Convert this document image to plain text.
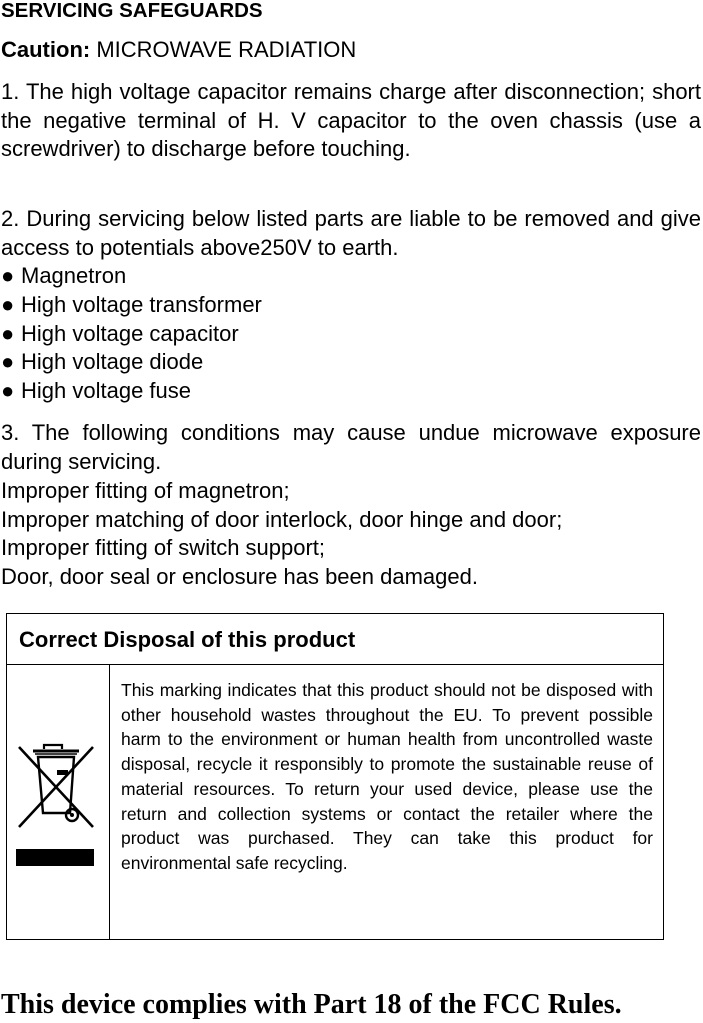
SERVICING SAFEGUARDS
Caution: MICROWAVE RADIATION
1. The high voltage capacitor remains charge after disconnection; short the negative terminal of H. V capacitor to the oven chassis (use a screwdriver) to discharge before touching.
2. During servicing below listed parts are liable to be removed and give access to potentials above250V to earth.
● Magnetron
● High voltage transformer
● High voltage capacitor
● High voltage diode
● High voltage fuse
3. The following conditions may cause undue microwave exposure during servicing.
Improper fitting of magnetron;
Improper matching of door interlock, door hinge and door;
Improper fitting of switch support;
Door, door seal or enclosure has been damaged.
Correct Disposal of this product
This marking indicates that this product should not be disposed with other household wastes throughout the EU. To prevent possible harm to the environment or human health from uncontrolled waste disposal, recycle it responsibly to promote the sustainable reuse of material resources. To return your used device, please use the return and collection systems or contact the retailer where the product was purchased. They can take this product for environmental safe recycling.
This device complies with Part 18 of the FCC Rules.
